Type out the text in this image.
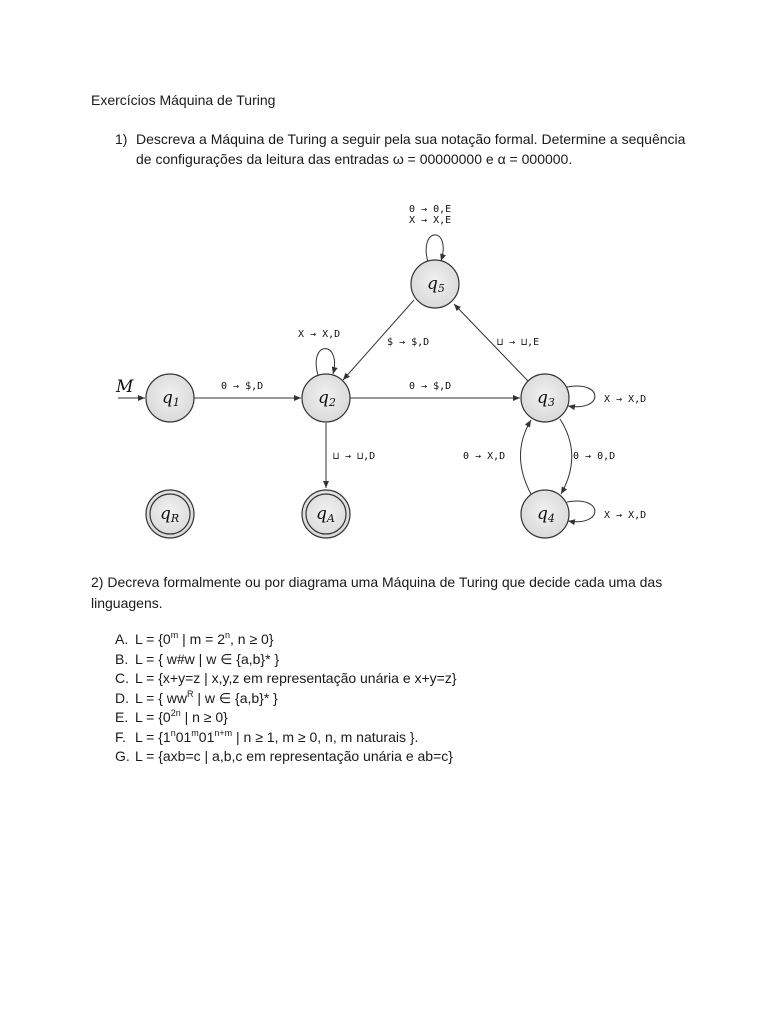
Exercícios Máquina de Turing
1) Descreva a Máquina de Turing a seguir pela sua notação formal. Determine a sequência de configurações da leitura das entradas ω = 00000000 e α = 000000.
q1	q2	q3
q4
q5
qR	qA
M
0 → 0,E
X → X,E
X → X,D
$ → $,D	⊔ → ⊔,E
0 → $,D	0 → $,D
X → X,D
⊔ → ⊔,D	0 → X,D	0 → 0,D
X → X,D
2) Decreva formalmente ou por diagrama uma Máquina de Turing que decide cada uma das linguagens.
A. $L = \{0^m$ | $m = 2^n$, n ≥ 0}
B. L = { w#w | w ∈ {a,b}* }
C. L = {x+y=z | x,y,z em representação unária e x+y=z}
D. L = { $ww^R$ | w ∈ {a,b}* }
E. $L = \{0^{2n}$ | n ≥ 0}
F. $L = \{1^n01^m01^{n+m}$ | n ≥ 1, m ≥ 0, n, m naturais }.
G. L = {axb=c | a,b,c em representação unária e ab=c}
